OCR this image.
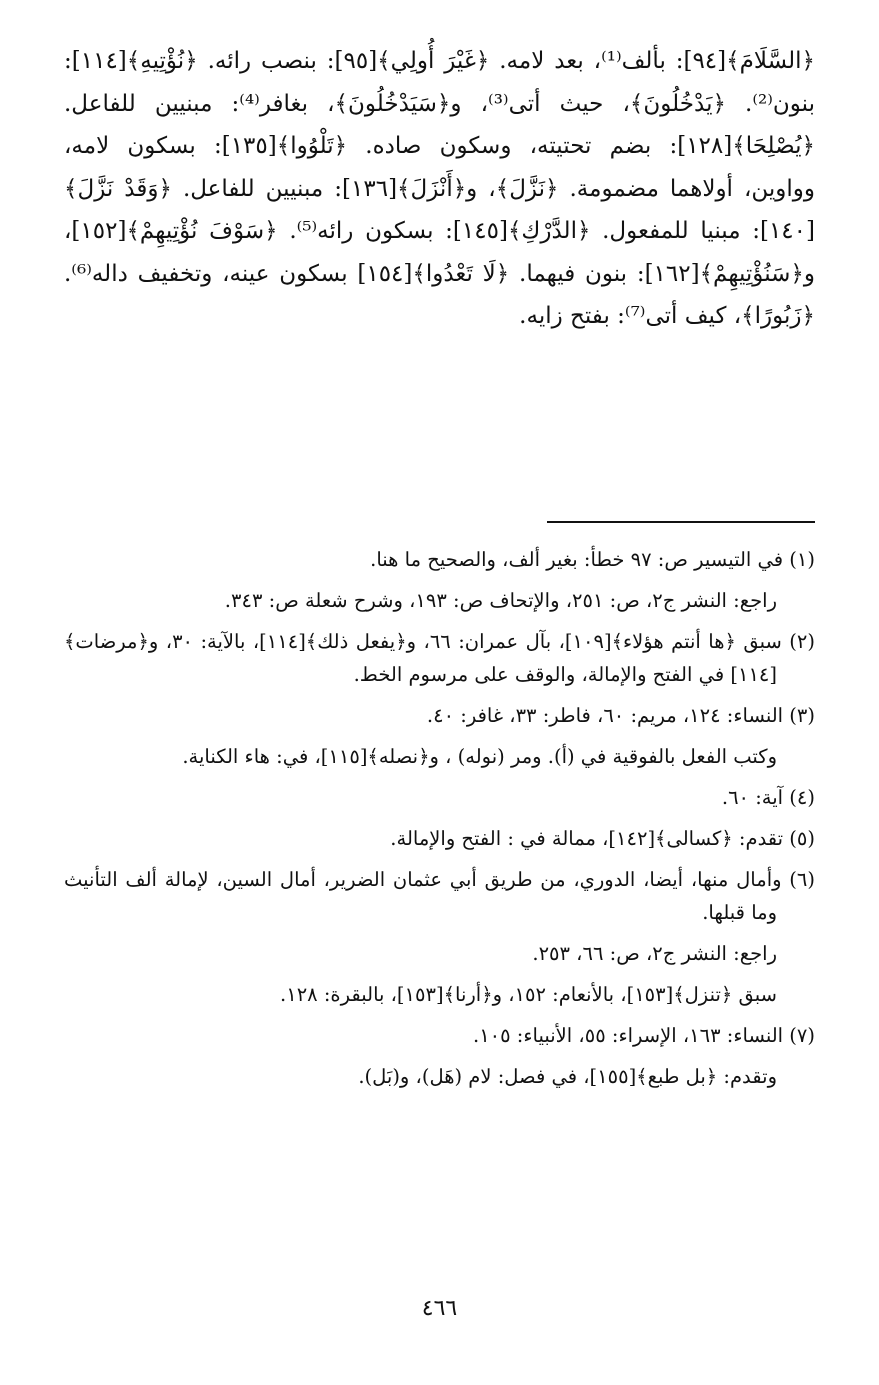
﴿السَّلَامَ﴾[٩٤]: بألف⁽¹⁾، بعد لامه. ﴿غَيْرَ أُولِي﴾[٩٥]: بنصب رائه. ﴿نُؤْتِيهِ﴾[١١٤]: بنون⁽²⁾. ﴿يَدْخُلُونَ﴾، حيث أتى⁽³⁾، و﴿سَيَدْخُلُونَ﴾، بغافر⁽⁴⁾: مبنيين للفاعل. ﴿يُصْلِحَا﴾[١٢٨]: بضم تحتيته، وسكون صاده. ﴿تَلْوُوا﴾[١٣٥]: بسكون لامه، وواوين، أولاهما مضمومة. ﴿نَزَّلَ﴾، و﴿أَنْزَلَ﴾[١٣٦]: مبنيين للفاعل. ﴿وَقَدْ نَزَّلَ﴾[١٤٠]: مبنيا للمفعول. ﴿الدَّرْكِ﴾[١٤٥]: بسكون رائه⁽⁵⁾. ﴿سَوْفَ نُؤْتِيهِمْ﴾[١٥٢]، و﴿سَنُؤْتِيهِمْ﴾[١٦٢]: بنون فيهما. ﴿لَا تَعْدُوا﴾[١٥٤] بسكون عينه، وتخفيف داله⁽⁶⁾. ﴿زَبُورًا﴾، كيف أتى⁽⁷⁾: بفتح زايه.

(١) في التيسير ص: ٩٧ خطأ: بغير ألف، والصحيح ما هنا.

راجع: النشر ج٢، ص: ٢٥١، والإتحاف ص: ١٩٣، وشرح شعلة ص: ٣٤٣.

(٢) سبق ﴿ها أنتم هؤلاء﴾[١٠٩]، بآل عمران: ٦٦، و﴿يفعل ذلك﴾[١١٤]، بالآية: ٣٠، و﴿مرضات﴾[١١٤] في الفتح والإمالة، والوقف على مرسوم الخط.

(٣) النساء: ١٢٤، مريم: ٦٠، فاطر: ٣٣، غافر: ٤٠.

وكتب الفعل بالفوقية في (أ). ومر (نوله) ، و﴿نصله﴾[١١٥]، في: هاء الكناية.

(٤) آية: ٦٠.

(٥) تقدم: ﴿كسالى﴾[١٤٢]، ممالة في : الفتح والإمالة.

(٦) وأمال منها، أيضا، الدوري، من طريق أبي عثمان الضرير، أمال السين، لإمالة ألف التأنيث وما قبلها.

راجع: النشر ج٢، ص: ٦٦، ٢٥٣.

سبق ﴿تنزل﴾[١٥٣]، بالأنعام: ١٥٢، و﴿أرنا﴾[١٥٣]، بالبقرة: ١٢٨.

(٧) النساء: ١٦٣، الإسراء: ٥٥، الأنبياء: ١٠٥.

وتقدم: ﴿بل طبع﴾[١٥٥]، في فصل: لام (هَل)، و(بَل).

٤٦٦
